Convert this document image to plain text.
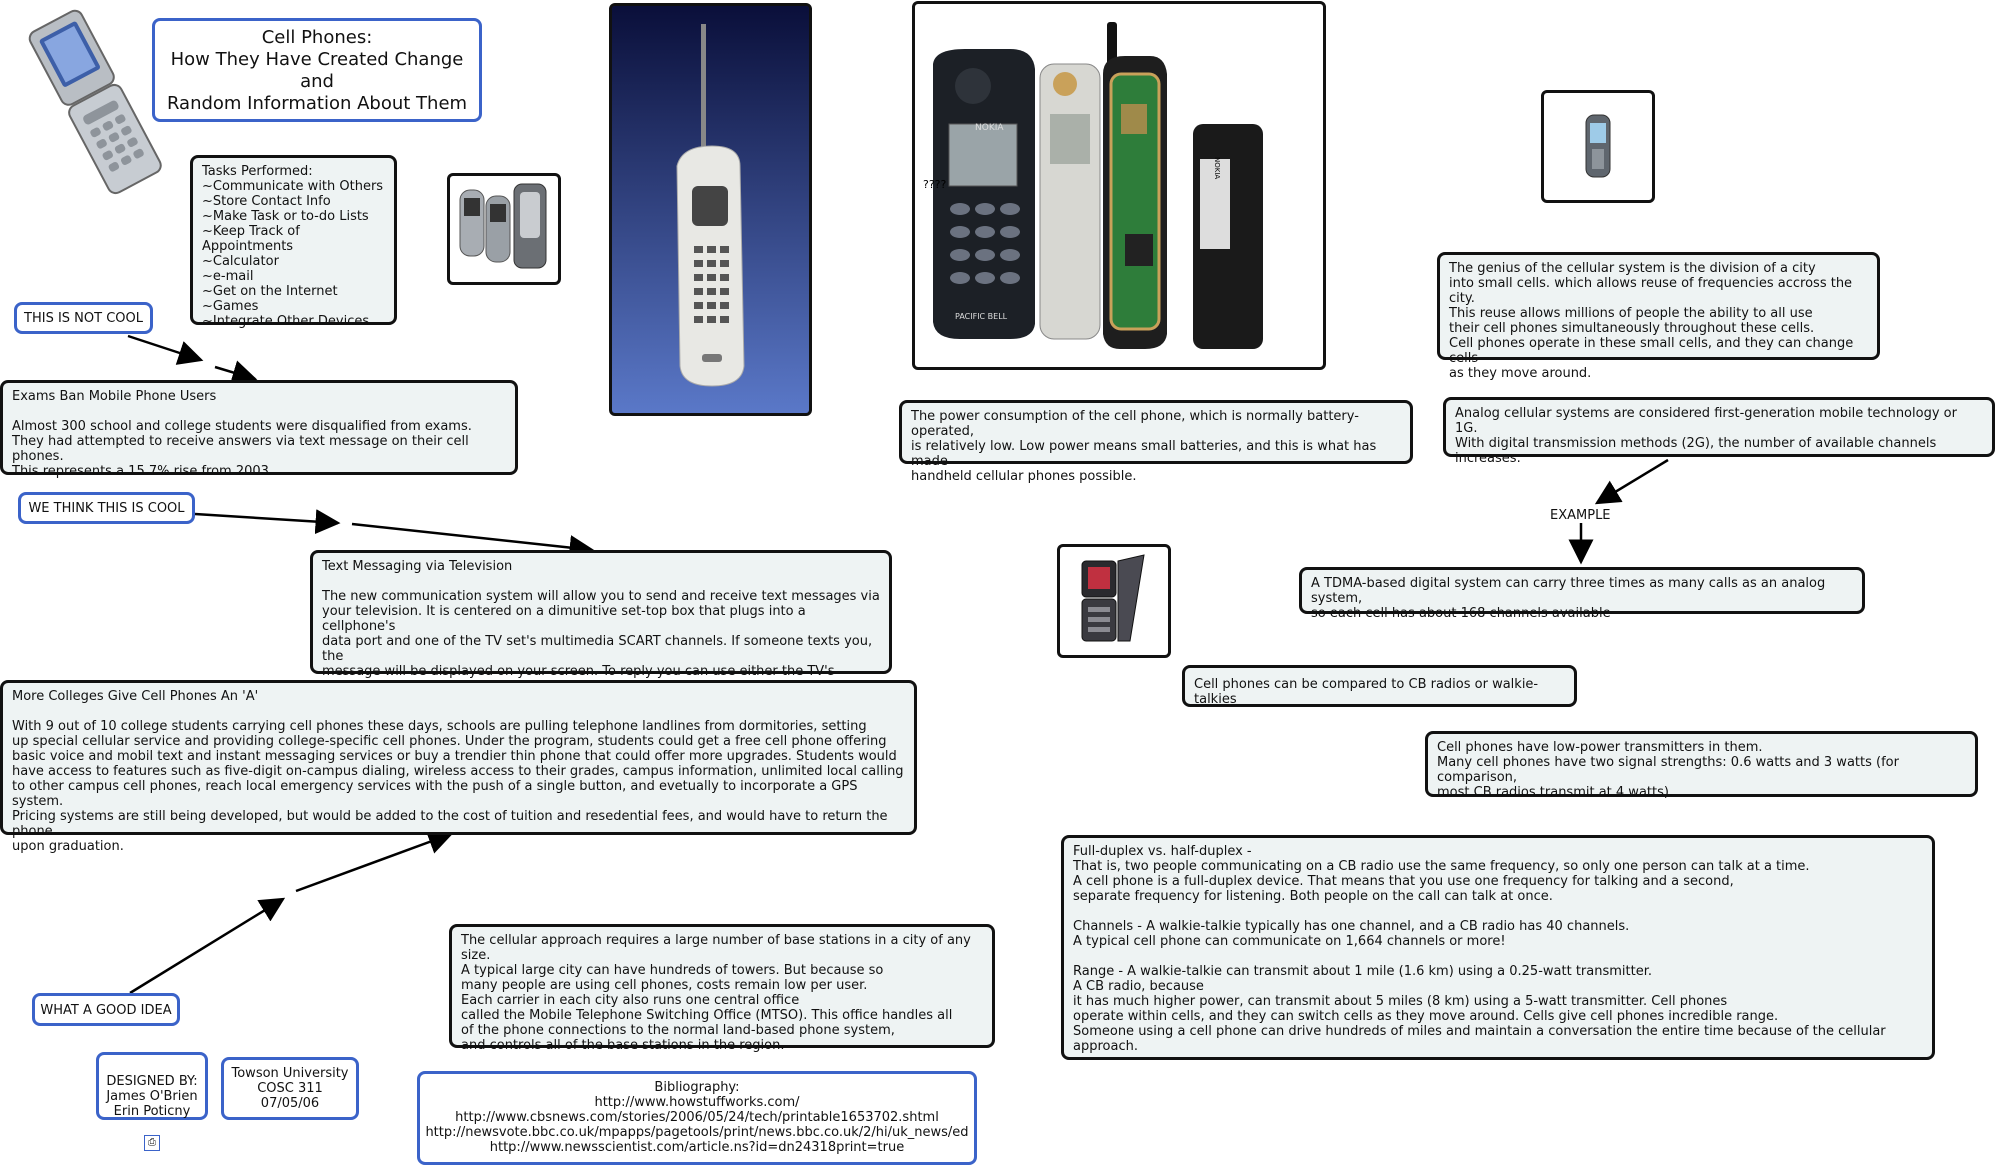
Cell Phones:
How They Have Created Change
and
Random Information About Them
Tasks Performed:
~Communicate with Others
~Store Contact Info
~Make Task or to-do Lists
~Keep Track of Appointments
~Calculator
~e-mail
~Get on the Internet
~Games
~Integrate Other Devices
NOKIA
????
PACIFIC BELL
NOKIA
THIS IS NOT COOL
Exams Ban Mobile Phone Users

Almost 300 school and college students were disqualified from exams.
They had attempted to receive answers via text message on their cell phones.
This represents a 15.7% rise from 2003
WE THINK THIS IS COOL
Text Messaging via Television

The new communication system will allow you to send and receive text messages via
your television. It is centered on a dimunitive set-top box that plugs into a cellphone's
data port and one of the TV set's multimedia SCART channels. If someone texts you, the
message will be displayed on your screen. To reply you can use either the TV's

More Colleges Give Cell Phones An 'A'

With 9 out of 10 college students carrying cell phones these days, schools are pulling telephone landlines from dormitories, setting
up special cellular service and providing college-specific cell phones. Under the program, students could get a free cell phone offering
basic voice and mobil text and instant messaging services or buy a trendier thin phone that could offer more upgrades. Students would
have access to features such as five-digit on-campus dialing, wireless access to their grades, campus information, unlimited local calling
to other campus cell phones, reach local emergency services with the push of a single button, and evetually to incorporate a GPS system.
Pricing systems are still being developed, but would be added to the cost of tuition and resedential fees, and would have to return the phone
upon graduation.
WHAT A GOOD IDEA

DESIGNED BY:
James O'Brien
Erin Poticny

⎙

Towson University
COSC 311
07/05/06
The cellular approach requires a large number of base stations in a city of any size.
A typical large city can have hundreds of towers. But because so
many people are using cell phones, costs remain low per user.
Each carrier in each city also runs one central office
called the Mobile Telephone Switching Office (MTSO). This office handles all
of the phone connections to the normal land-based phone system,
and controls all of the base stations in the region.
Bibliography:
http://www.howstuffworks.com/
http://www.cbsnews.com/stories/2006/05/24/tech/printable1653702.shtml
http://newsvote.bbc.co.uk/mpapps/pagetools/print/news.bbc.co.uk/2/hi/uk_news/ed
http://www.newsscientist.com/article.ns?id=dn24318print=true
The power consumption of the cell phone, which is normally battery-operated,
is relatively low. Low power means small batteries, and this is what has made
handheld cellular phones possible.
The genius of the cellular system is the division of a city
into small cells. which allows reuse of frequencies accross the city.
This reuse allows millions of people the ability to all use
their cell phones simultaneously throughout these cells.
Cell phones operate in these small cells, and they can change cells
as they move around.
Analog cellular systems are considered first-generation mobile technology or 1G.
With digital transmission methods (2G), the number of available channels increases.
EXAMPLE
A TDMA-based digital system can carry three times as many calls as an analog system,
so each cell has about 168 channels available
Cell phones can be compared to CB radios or walkie-talkies
Cell phones have low-power transmitters in them.
Many cell phones have two signal strengths: 0.6 watts and 3 watts (for comparison,
most CB radios transmit at 4 watts).
Full-duplex vs. half-duplex -
That is, two people communicating on a CB radio use the same frequency, so only one person can talk at a time.
A cell phone is a full-duplex device. That means that you use one frequency for talking and a second,
separate frequency for listening. Both people on the call can talk at once.

Channels - A walkie-talkie typically has one channel, and a CB radio has 40 channels.
A typical cell phone can communicate on 1,664 channels or more!

Range - A walkie-talkie can transmit about 1 mile (1.6 km) using a 0.25-watt transmitter.
A CB radio, because
it has much higher power, can transmit about 5 miles (8 km) using a 5-watt transmitter. Cell phones
operate within cells, and they can switch cells as they move around. Cells give cell phones incredible range.
Someone using a cell phone can drive hundreds of miles and maintain a conversation the entire time because of the cellular approach.
